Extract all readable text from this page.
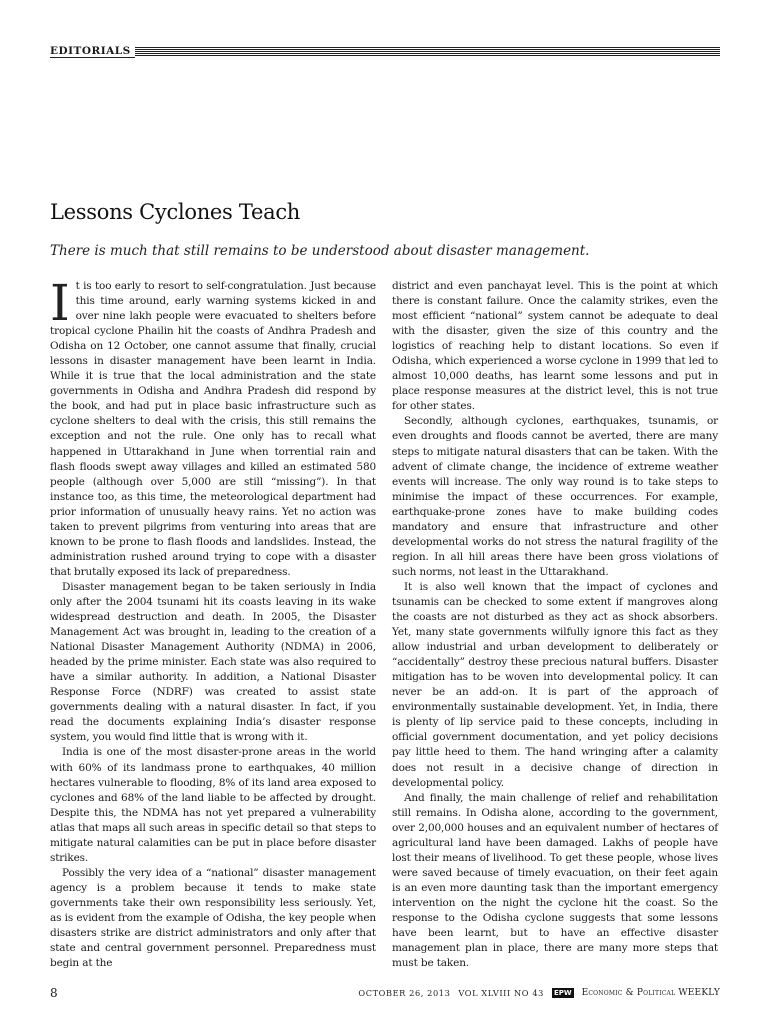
EDITORIALS
Lessons Cyclones Teach

There is much that still remains to be understood about disaster management.

It is too early to resort to self-congratulation. Just because this time around, early warning systems kicked in and over nine lakh people were evacuated to shelters before tropical cyclone Phailin hit the coasts of Andhra Pradesh and Odisha on 12 October, one cannot assume that finally, crucial lessons in disaster management have been learnt in India. While it is true that the local administration and the state governments in Odisha and Andhra Pradesh did respond by the book, and had put in place basic infrastructure such as cyclone shelters to deal with the crisis, this still remains the exception and not the rule. One only has to recall what happened in Uttarakhand in June when torrential rain and flash floods swept away villages and killed an estimated 580 people (although over 5,000 are still “missing”). In that instance too, as this time, the meteorological department had prior information of unusually heavy rains. Yet no action was taken to prevent pilgrims from venturing into areas that are known to be prone to flash floods and landslides. Instead, the administration rushed around trying to cope with a disaster that brutally exposed its lack of preparedness.

Disaster management began to be taken seriously in India only after the 2004 tsunami hit its coasts leaving in its wake widespread destruction and death. In 2005, the Disaster Management Act was brought in, leading to the creation of a National Disaster Management Authority (NDMA) in 2006, headed by the prime minister. Each state was also required to have a similar authority. In addition, a National Disaster Response Force (NDRF) was created to assist state governments dealing with a natural disaster. In fact, if you read the documents explaining India’s disaster response system, you would find little that is wrong with it.

India is one of the most disaster-prone areas in the world with 60% of its landmass prone to earthquakes, 40 million hectares vulnerable to flooding, 8% of its land area exposed to cyclones and 68% of the land liable to be affected by drought. Despite this, the NDMA has not yet prepared a vulnerability atlas that maps all such areas in specific detail so that steps to mitigate natural calamities can be put in place before disaster strikes.

Possibly the very idea of a “national” disaster management agency is a problem because it tends to make state governments take their own responsibility less seriously. Yet, as is evident from the example of Odisha, the key people when disasters strike are district administrators and only after that state and central government personnel. Preparedness must begin at the

district and even panchayat level. This is the point at which there is constant failure. Once the calamity strikes, even the most efficient “national” system cannot be adequate to deal with the disaster, given the size of this country and the logistics of reaching help to distant locations. So even if Odisha, which experienced a worse cyclone in 1999 that led to almost 10,000 deaths, has learnt some lessons and put in place response measures at the district level, this is not true for other states.

Secondly, although cyclones, earthquakes, tsunamis, or even droughts and floods cannot be averted, there are many steps to mitigate natural disasters that can be taken. With the advent of climate change, the incidence of extreme weather events will increase. The only way round is to take steps to minimise the impact of these occurrences. For example, earthquake-prone zones have to make building codes mandatory and ensure that infrastructure and other developmental works do not stress the natural fragility of the region. In all hill areas there have been gross violations of such norms, not least in the Uttarakhand.

It is also well known that the impact of cyclones and tsunamis can be checked to some extent if mangroves along the coasts are not disturbed as they act as shock absorbers. Yet, many state governments wilfully ignore this fact as they allow industrial and urban development to deliberately or “accidentally” destroy these precious natural buffers. Disaster mitigation has to be woven into developmental policy. It can never be an add-on. It is part of the approach of environmentally sustainable development. Yet, in India, there is plenty of lip service paid to these concepts, including in official government documentation, and yet policy decisions pay little heed to them. The hand wringing after a calamity does not result in a decisive change of direction in developmental policy.

And finally, the main challenge of relief and rehabilitation still remains. In Odisha alone, according to the government, over 2,00,000 houses and an equivalent number of hectares of agricultural land have been damaged. Lakhs of people have lost their means of livelihood. To get these people, whose lives were saved because of timely evacuation, on their feet again is an even more daunting task than the important emergency intervention on the night the cyclone hit the coast. So the response to the Odisha cyclone suggests that some lessons have been learnt, but to have an effective disaster management plan in place, there are many more steps that must be taken.

8	OCTOBER 26, 2013 VOL XLVIII NO 43 EPW Economic & Political WEEKLY
